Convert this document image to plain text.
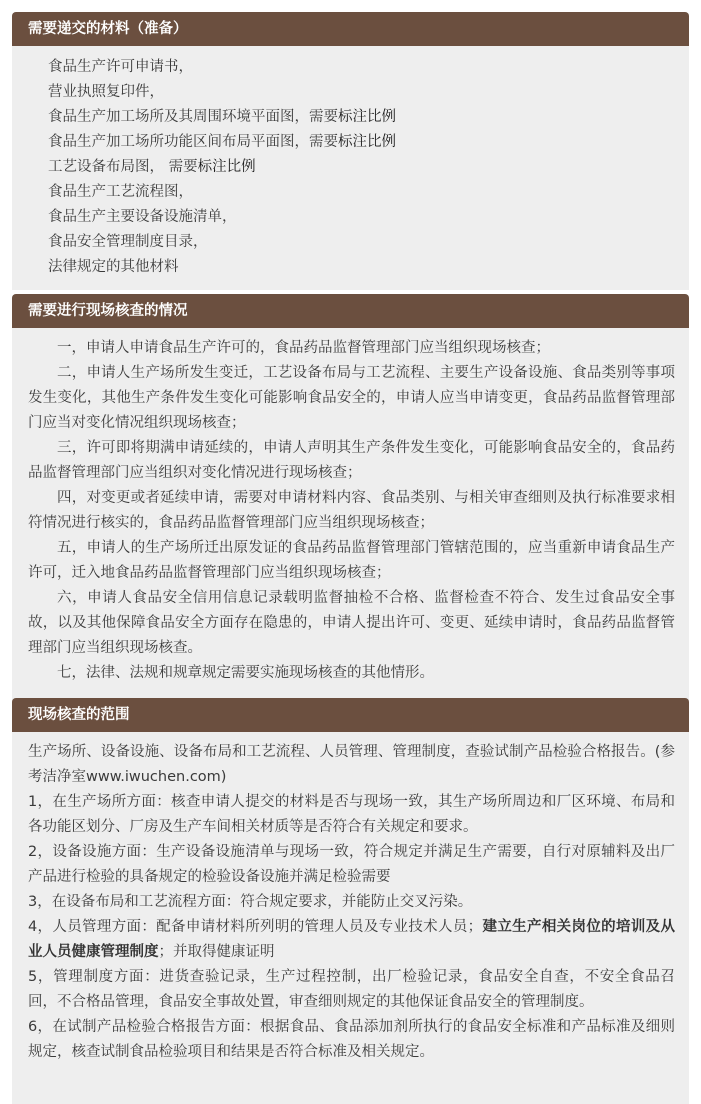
需要递交的材料（准备）
食品生产许可申请书，
营业执照复印件，
食品生产加工场所及其周围环境平面图，需要标注比例
食品生产加工场所功能区间布局平面图，需要标注比例
工艺设备布局图， 需要标注比例
食品生产工艺流程图，
食品生产主要设备设施清单，
食品安全管理制度目录，
法律规定的其他材料
需要进行现场核查的情况
一，申请人申请食品生产许可的，食品药品监督管理部门应当组织现场核查；
二，申请人生产场所发生变迁，工艺设备布局与工艺流程、主要生产设备设施、食品类别等事项发生变化，其他生产条件发生变化可能影响食品安全的，申请人应当申请变更，食品药品监督管理部门应当对变化情况组织现场核查；
三，许可即将期满申请延续的，申请人声明其生产条件发生变化，可能影响食品安全的，食品药品监督管理部门应当组织对变化情况进行现场核查；
四，对变更或者延续申请，需要对申请材料内容、食品类别、与相关审查细则及执行标准要求相符情况进行核实的，食品药品监督管理部门应当组织现场核查；
五，申请人的生产场所迁出原发证的食品药品监督管理部门管辖范围的，应当重新申请食品生产许可，迁入地食品药品监督管理部门应当组织现场核查；
六，申请人食品安全信用信息记录载明监督抽检不合格、监督检查不符合、发生过食品安全事故，以及其他保障食品安全方面存在隐患的，申请人提出许可、变更、延续申请时，食品药品监督管理部门应当组织现场核查。
七，法律、法规和规章规定需要实施现场核查的其他情形。
现场核查的范围
生产场所、设备设施、设备布局和工艺流程、人员管理、管理制度，查验试制产品检验合格报告。(参考洁净室www.iwuchen.com)
1，在生产场所方面：核查申请人提交的材料是否与现场一致，其生产场所周边和厂区环境、布局和各功能区划分、厂房及生产车间相关材质等是否符合有关规定和要求。
2，设备设施方面：生产设备设施清单与现场一致，符合规定并满足生产需要，自行对原辅料及出厂产品进行检验的具备规定的检验设备设施并满足检验需要
3，在设备布局和工艺流程方面：符合规定要求，并能防止交叉污染。
4，人员管理方面：配备申请材料所列明的管理人员及专业技术人员；建立生产相关岗位的培训及从业人员健康管理制度；并取得健康证明
5，管理制度方面：进货查验记录，生产过程控制，出厂检验记录，食品安全自查，不安全食品召回，不合格品管理，食品安全事故处置，审查细则规定的其他保证食品安全的管理制度。
6，在试制产品检验合格报告方面：根据食品、食品添加剂所执行的食品安全标准和产品标准及细则规定，核查试制食品检验项目和结果是否符合标准及相关规定。
